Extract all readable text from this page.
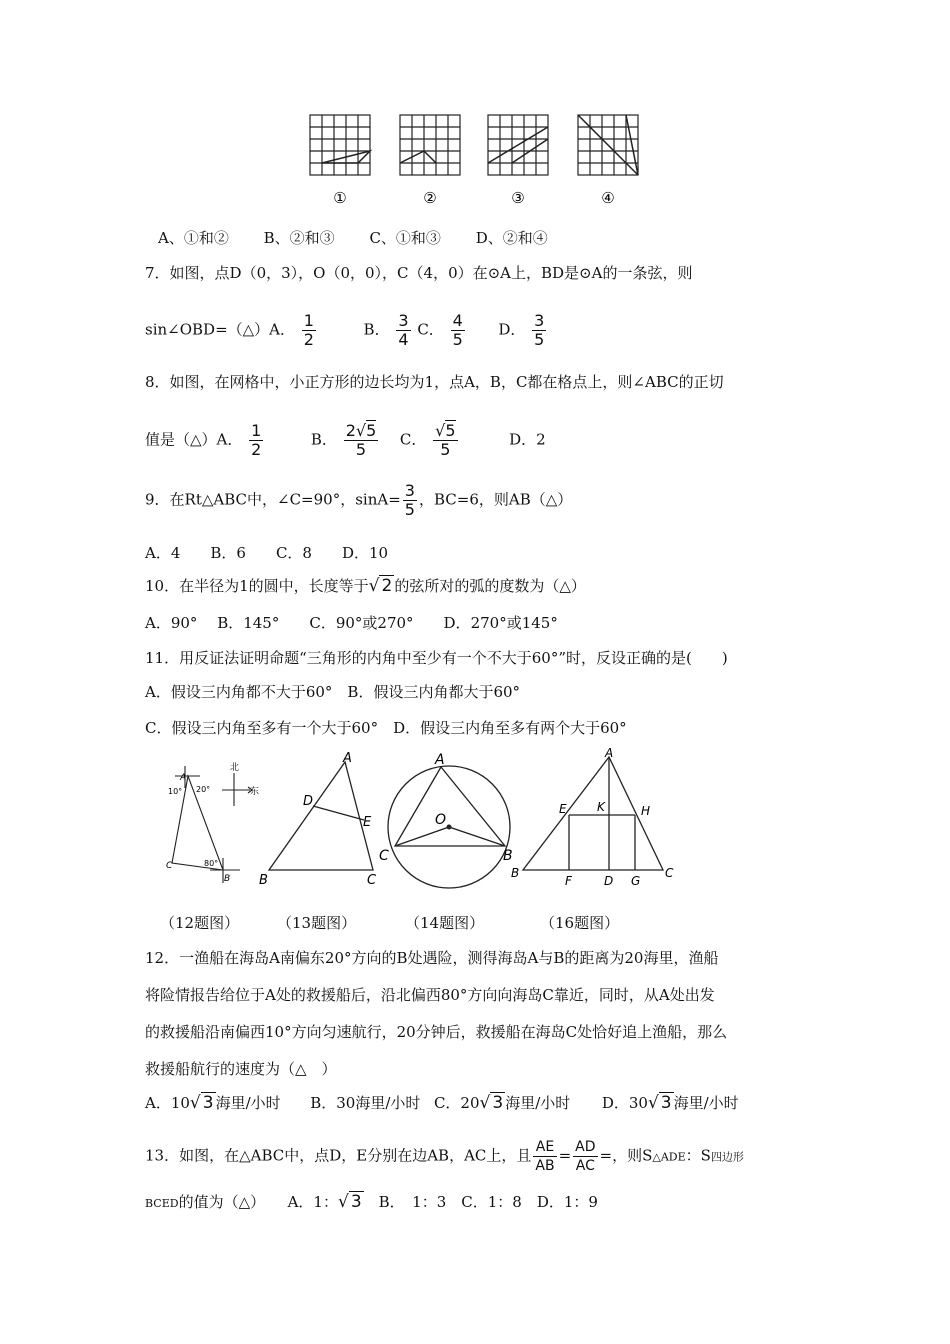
①	②	③	④
A、①和② B、②和③ C、①和③ D、②和④
7．如图，点D（0，3），O（0，0），C（4，0）在⊙A上，BD是⊙A的一条弦，则
sin∠OBD=（△）A． $\frac{1}{2}$	B． $\frac{3}{4}$ C． $\frac{4}{5}$ D． $\frac{3}{5}$
8．如图，在网格中，小正方形的边长均为1，点A，B，C都在格点上，则∠ABC的正切
值是（△）A． $\frac{1}{2}$	B． $\frac{2√5}{5}$ C． $\frac{√5}{5}$	D．2
9．在Rt△ABC中，∠C=90°，$\sin A= \frac{3}{5}$ ，BC=6，则AB（△）
A．4　　B．6　　C．8　　D．10
10．在半径为1的圆中，长度等于√ 2 的弦所对的弧的度数为（△）
A．90°　 B．145°　　C．90°或270°　　D．270°或145°
11．用反证法证明命题“三角形的内角中至少有一个不大于60°”时，反设正确的是(　　)
A．假设三内角都不大于60°　B．假设三内角都大于60°
C．假设三内角至多有一个大于60°　D．假设三内角至多有两个大于60°
北
东
A
10° 20°
C	80°
B
A
D
E
B	C
A
O
C	B
A
E	K	H
B
F	D G
C
（12题图）	（13题图）	（14题图）	（16题图）
12．一渔船在海岛A南偏东20°方向的B处遇险，测得海岛A与B的距离为20海里，渔船
将险情报告给位于A处的救援船后，沿北偏西80°方向向海岛C靠近，同时，从A处出发
的救援船沿南偏西10°方向匀速航行，20分钟后，救援船在海岛C处恰好追上渔船，那么
救援船航行的速度为（△　）
A．10√ 3 海里/小时 B．30海里/小时 C．20√ 3 海里/小时 D．30√ 3 海里/小时
13．如图，在△ABC中，点D，E分别在边AB，AC上，且 $\frac{AE}{AB} = \frac{AD}{AC}$ =，则S△ADE：S四边形
BCED的值为（△）　　A．1：√ 3　B．　1：3　C．1：8　D．1：9
